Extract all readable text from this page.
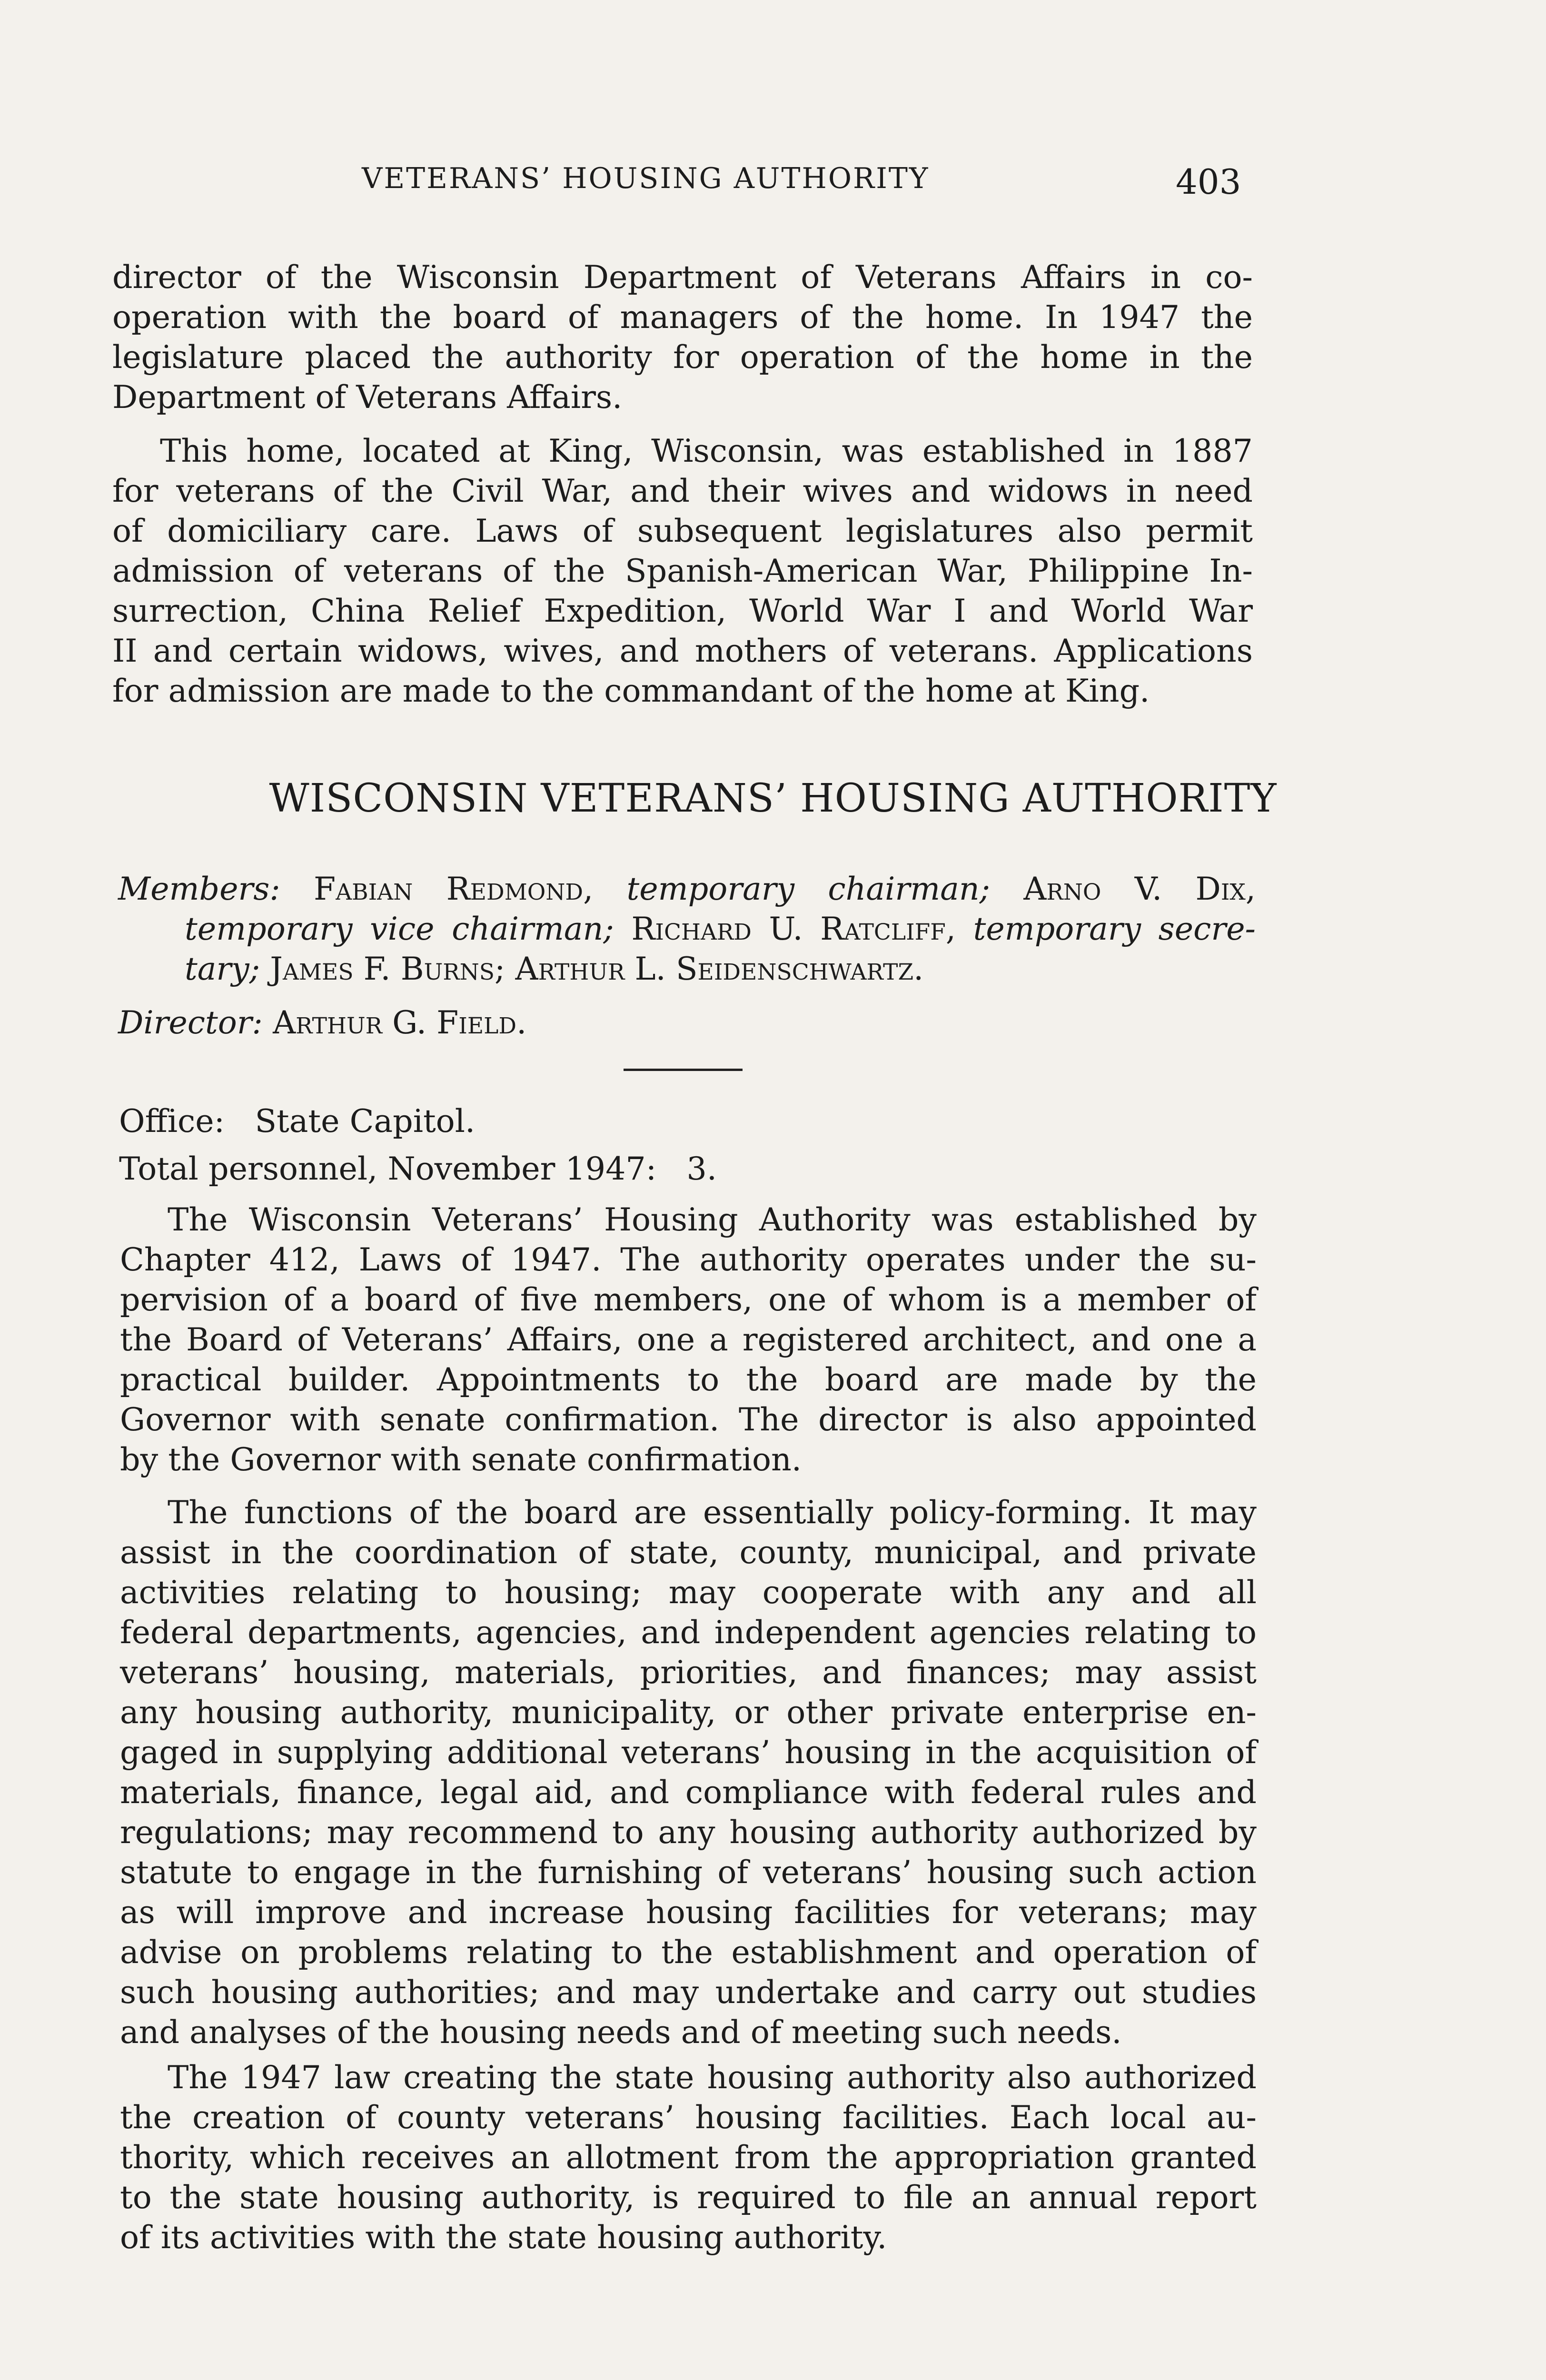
VETERANS’ HOUSING AUTHORITY	403

director of the Wisconsin Department of Veterans Affairs in co-
operation with the board of managers of the home. In 1947 the
legislature placed the authority for operation of the home in the
Department of Veterans Affairs.

This home, located at King, Wisconsin, was established in 1887
for veterans of the Civil War, and their wives and widows in need
of domiciliary care. Laws of subsequent legislatures also permit
admission of veterans of the Spanish-American War, Philippine In-
surrection, China Relief Expedition, World War I and World War
II and certain widows, wives, and mothers of veterans. Applications
for admission are made to the commandant of the home at King.

WISCONSIN VETERANS’ HOUSING AUTHORITY
Members: Fabian Redmond, temporary chairman; Arno V. Dix,
temporary vice chairman; Richard U. Ratcliff, temporary secre-
tary; James F. Burns; Arthur L. Seidenschwartz.
Director: Arthur G. Field.
Office:   State Capitol.
Total personnel, November 1947:   3.

The Wisconsin Veterans’ Housing Authority was established by
Chapter 412, Laws of 1947. The authority operates under the su-
pervision of a board of five members, one of whom is a member of
the Board of Veterans’ Affairs, one a registered architect, and one a
practical builder. Appointments to the board are made by the
Governor with senate confirmation. The director is also appointed
by the Governor with senate confirmation.

The functions of the board are essentially policy-forming. It may
assist in the coordination of state, county, municipal, and private
activities relating to housing; may cooperate with any and all
federal departments, agencies, and independent agencies relating to
veterans’ housing, materials, priorities, and finances; may assist
any housing authority, municipality, or other private enterprise en-
gaged in supplying additional veterans’ housing in the acquisition of
materials, finance, legal aid, and compliance with federal rules and
regulations; may recommend to any housing authority authorized by
statute to engage in the furnishing of veterans’ housing such action
as will improve and increase housing facilities for veterans; may
advise on problems relating to the establishment and operation of
such housing authorities; and may undertake and carry out studies
and analyses of the housing needs and of meeting such needs.

The 1947 law creating the state housing authority also authorized
the creation of county veterans’ housing facilities. Each local au-
thority, which receives an allotment from the appropriation granted
to the state housing authority, is required to file an annual report
of its activities with the state housing authority.
